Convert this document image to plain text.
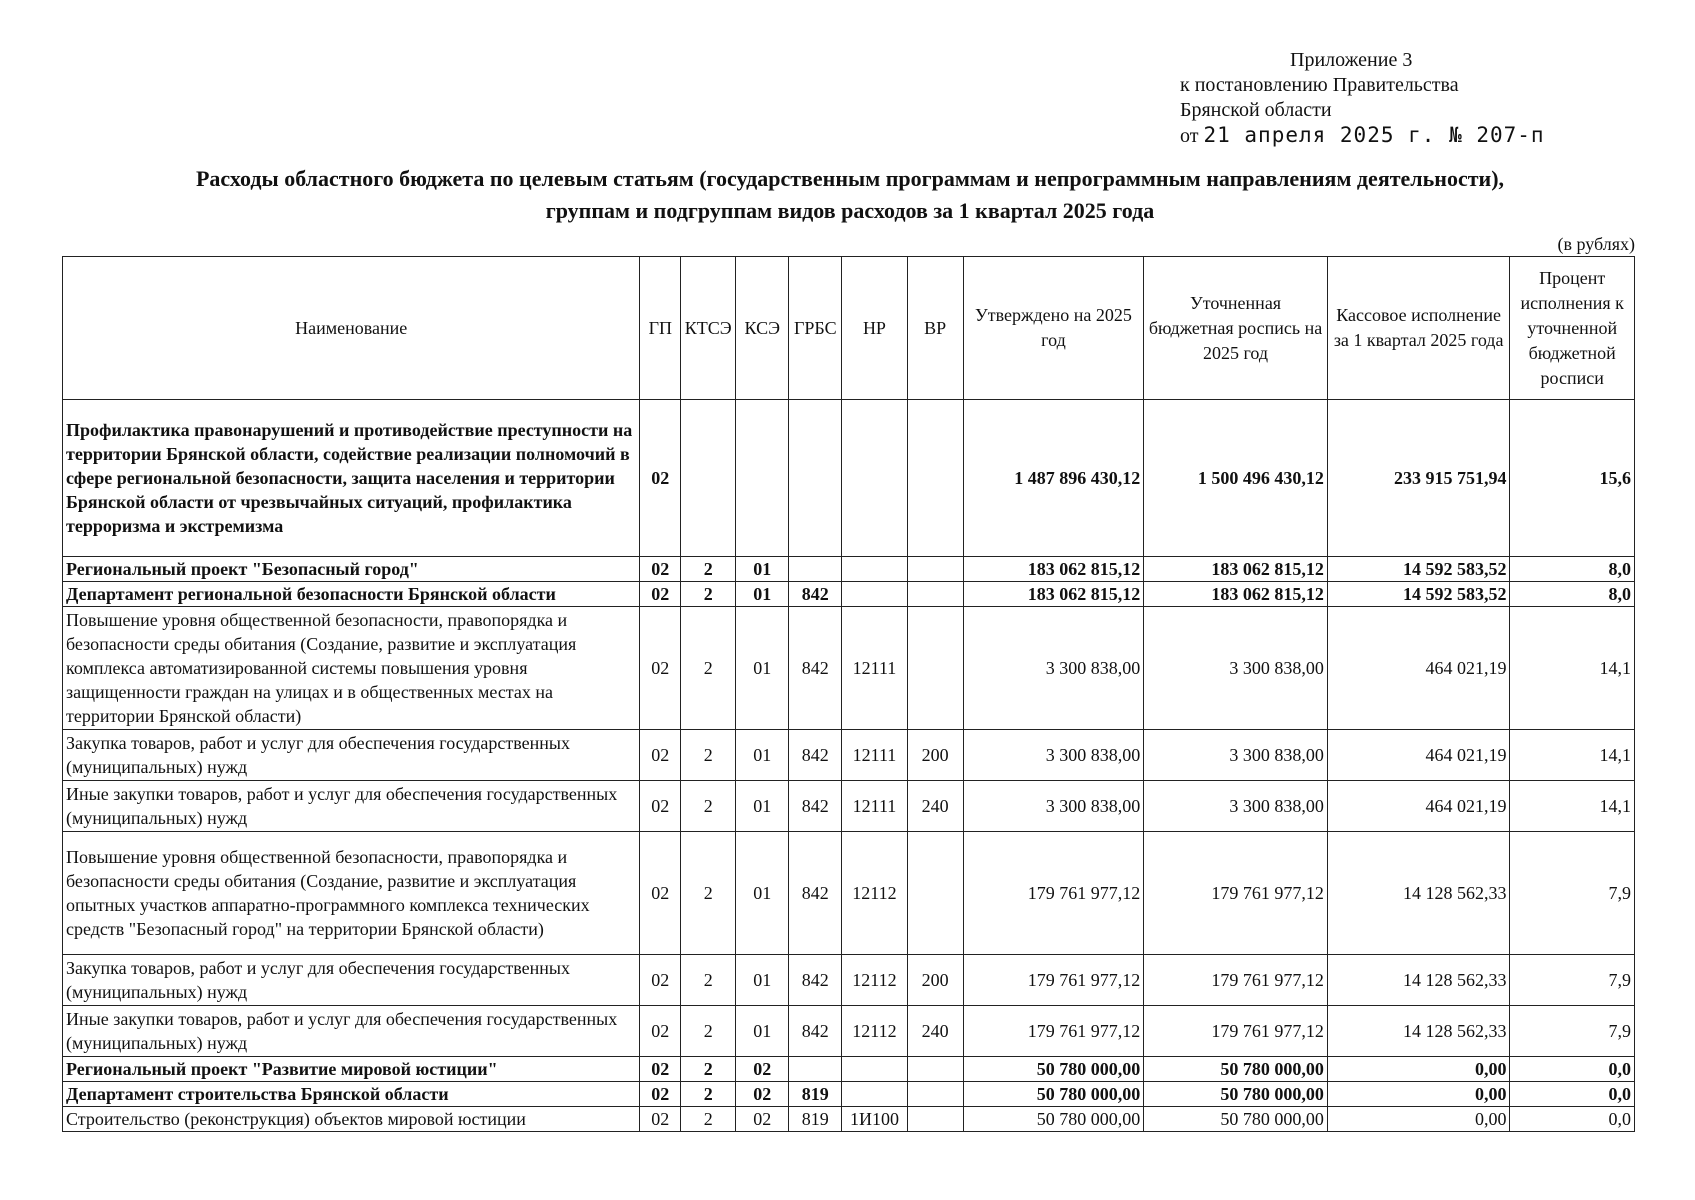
Приложение 3
к постановлению Правительства
Брянской области
от 21 апреля 2025 г. № 207-п
Расходы областного бюджета по целевым статьям (государственным программам и непрограммным направлениям деятельности),
группам и подгруппам видов расходов за 1 квартал 2025 года
(в рублях)
Наименование	ГП	КТСЭ	КСЭ	ГРБС	НР	ВР	Утверждено на 2025 год	Уточненная бюджетная роспись на 2025 год	Кассовое исполнение за 1 квартал 2025 года	Процент исполнения к уточненной бюджетной росписи
Профилактика правонарушений и противодействие преступности на территории Брянской области, содействие реализации полномочий в сфере региональной безопасности, защита населения и территории Брянской области от чрезвычайных ситуаций, профилактика терроризма и экстремизма	02						1 487 896 430,12	1 500 496 430,12	233 915 751,94	15,6
Региональный проект "Безопасный город"	02	2	01				183 062 815,12	183 062 815,12	14 592 583,52	8,0
Департамент региональной безопасности Брянской области	02	2	01	842			183 062 815,12	183 062 815,12	14 592 583,52	8,0
Повышение уровня общественной безопасности, правопорядка и безопасности среды обитания (Создание, развитие и эксплуатация комплекса автоматизированной системы повышения уровня защищенности граждан на улицах и в общественных местах на территории Брянской области)	02	2	01	842	12111		3 300 838,00	3 300 838,00	464 021,19	14,1
Закупка товаров, работ и услуг для обеспечения государственных (муниципальных) нужд	02	2	01	842	12111	200	3 300 838,00	3 300 838,00	464 021,19	14,1
Иные закупки товаров, работ и услуг для обеспечения государственных (муниципальных) нужд	02	2	01	842	12111	240	3 300 838,00	3 300 838,00	464 021,19	14,1
Повышение уровня общественной безопасности, правопорядка и безопасности среды обитания (Создание, развитие и эксплуатация опытных участков аппаратно-программного комплекса технических средств "Безопасный город" на территории Брянской области)	02	2	01	842	12112		179 761 977,12	179 761 977,12	14 128 562,33	7,9
Закупка товаров, работ и услуг для обеспечения государственных (муниципальных) нужд	02	2	01	842	12112	200	179 761 977,12	179 761 977,12	14 128 562,33	7,9
Иные закупки товаров, работ и услуг для обеспечения государственных (муниципальных) нужд	02	2	01	842	12112	240	179 761 977,12	179 761 977,12	14 128 562,33	7,9
Региональный проект "Развитие мировой юстиции"	02	2	02				50 780 000,00	50 780 000,00	0,00	0,0
Департамент строительства Брянской области	02	2	02	819			50 780 000,00	50 780 000,00	0,00	0,0
Строительство (реконструкция) объектов мировой юстиции	02	2	02	819	1И100		50 780 000,00	50 780 000,00	0,00	0,0
